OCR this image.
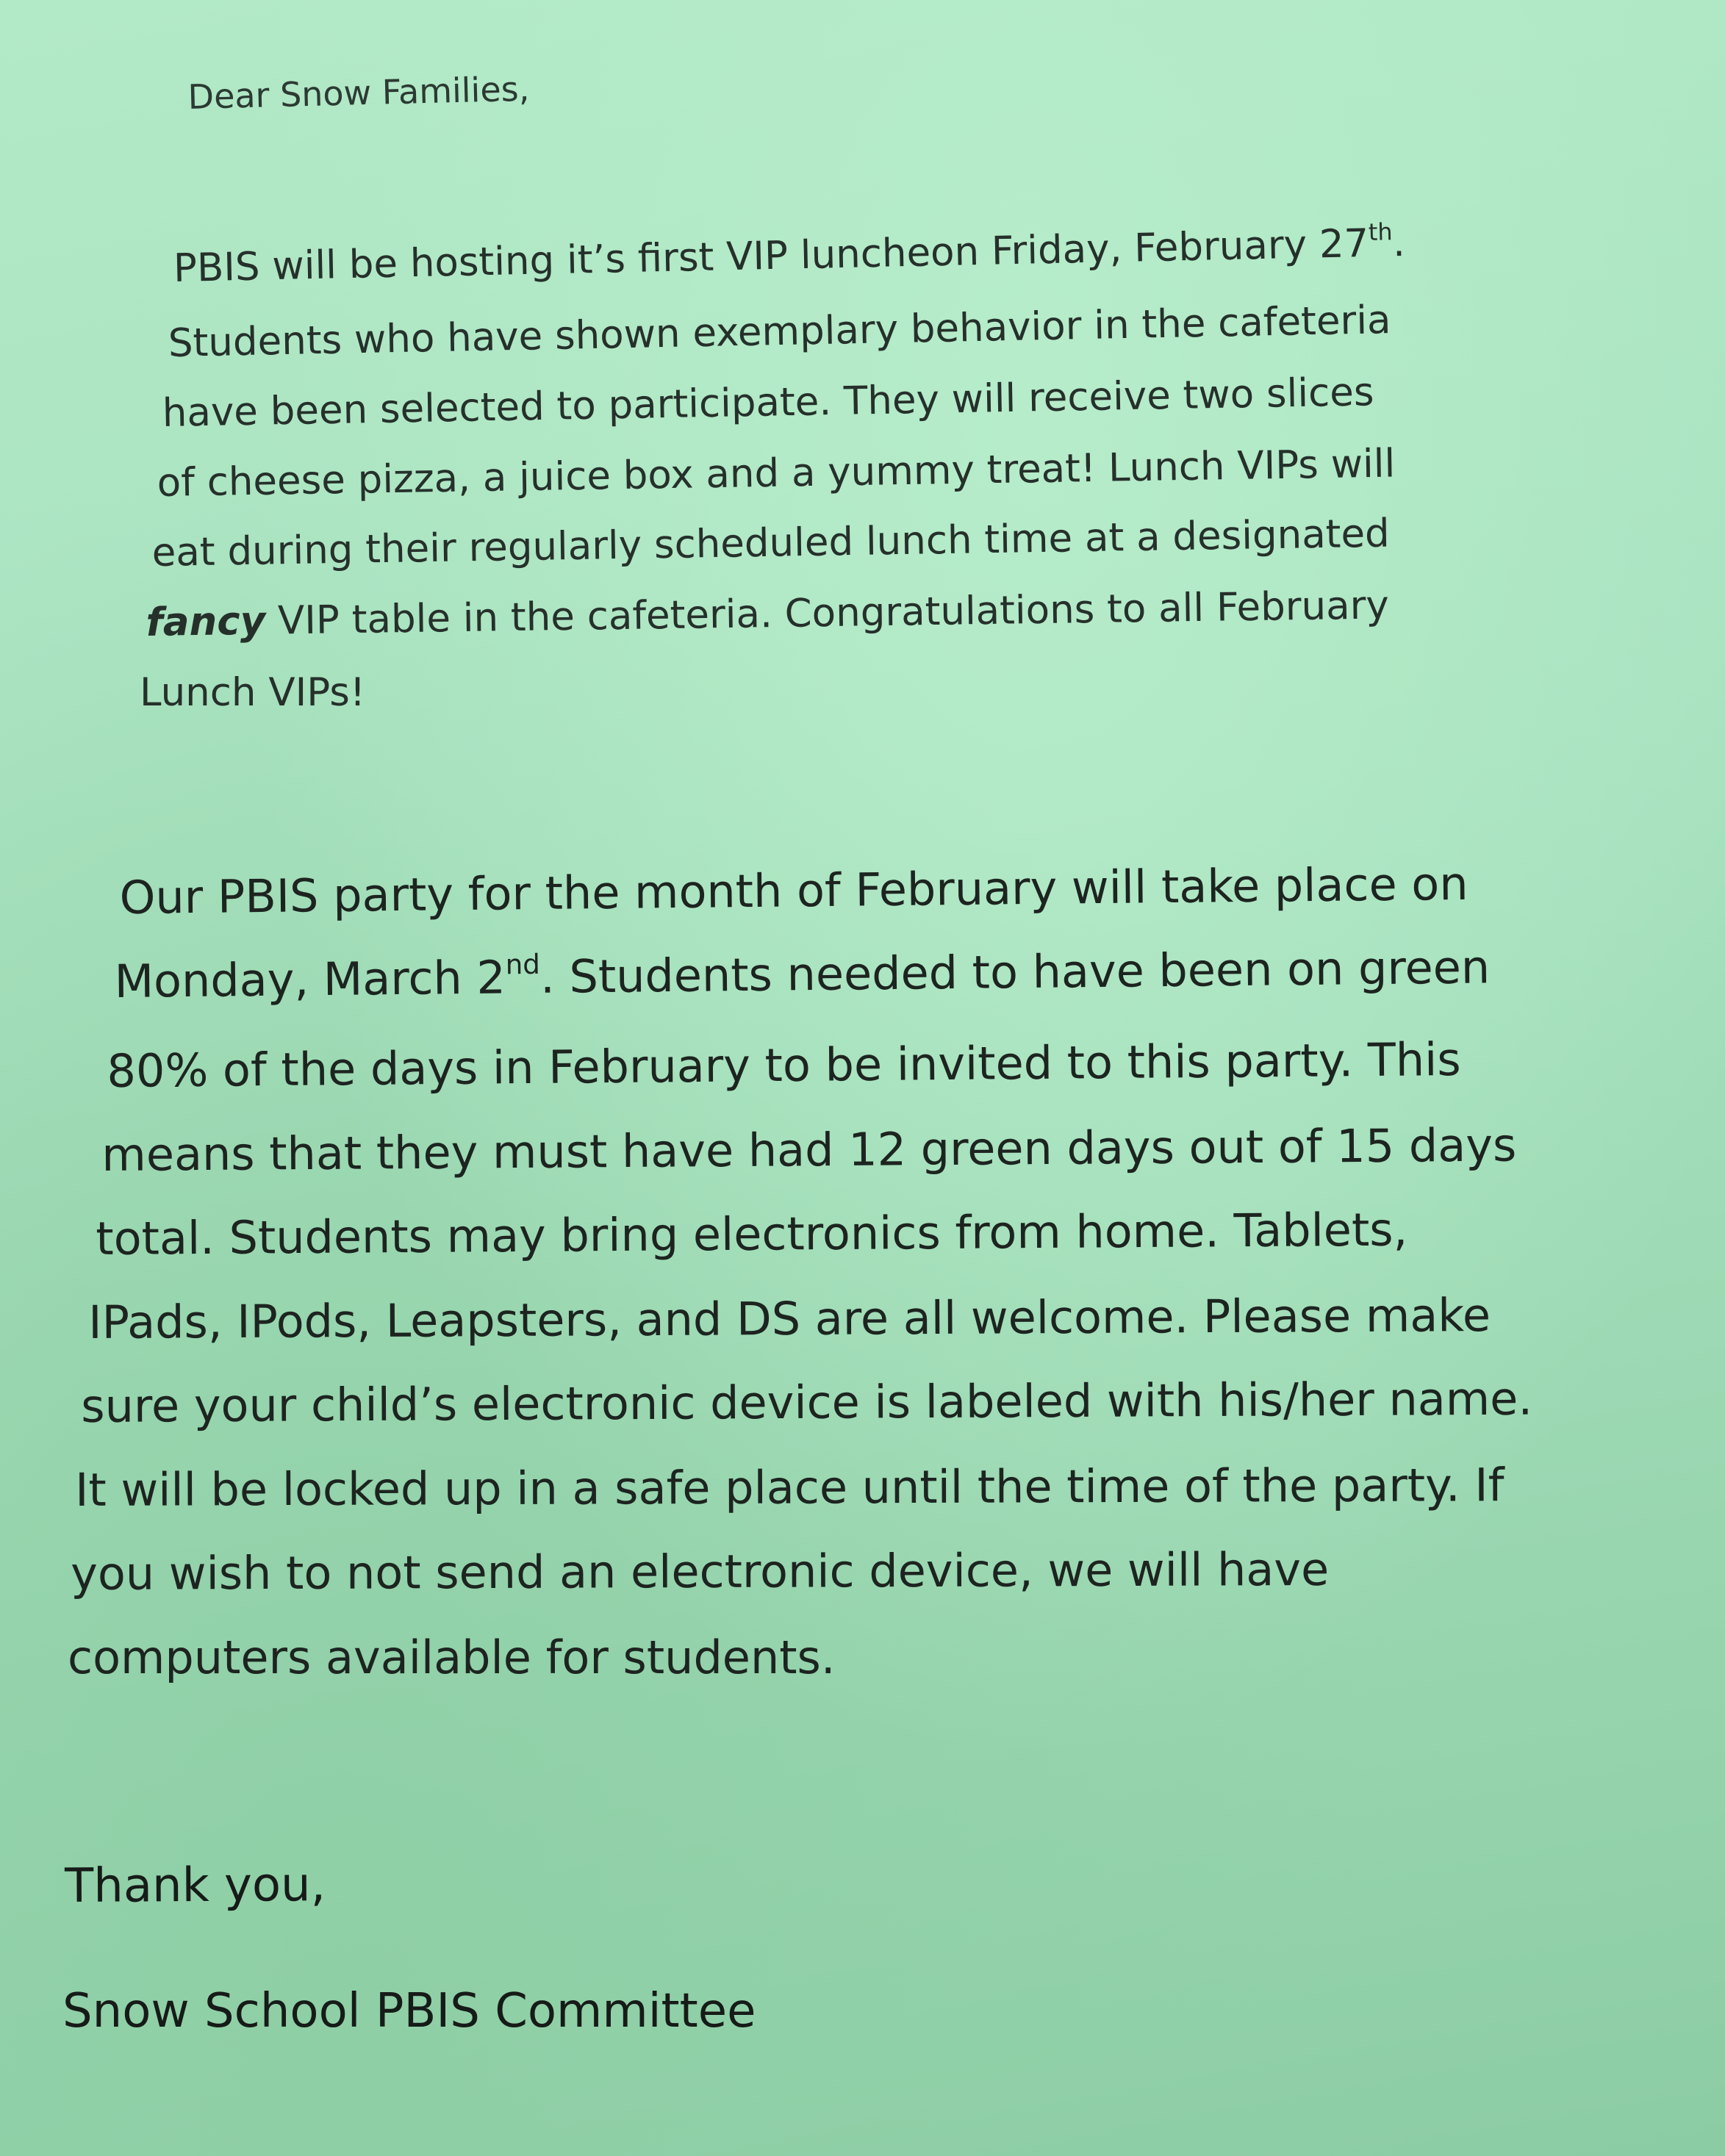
Dear Snow Families,
PBIS will be hosting it’s first VIP luncheon Friday, February 27th.
Students who have shown exemplary behavior in the cafeteria
have been selected to participate. They will receive two slices
of cheese pizza, a juice box and a yummy treat! Lunch VIPs will
eat during their regularly scheduled lunch time at a designated
fancy VIP table in the cafeteria. Congratulations to all February
Lunch VIPs!
Our PBIS party for the month of February will take place on
Monday, March 2nd. Students needed to have been on green
80% of the days in February to be invited to this party. This
means that they must have had 12 green days out of 15 days
total. Students may bring electronics from home. Tablets,
IPads, IPods, Leapsters, and DS are all welcome. Please make
sure your child’s electronic device is labeled with his/her name.
It will be locked up in a safe place until the time of the party. If
you wish to not send an electronic device, we will have
computers available for students.
Thank you,
Snow School PBIS Committee
